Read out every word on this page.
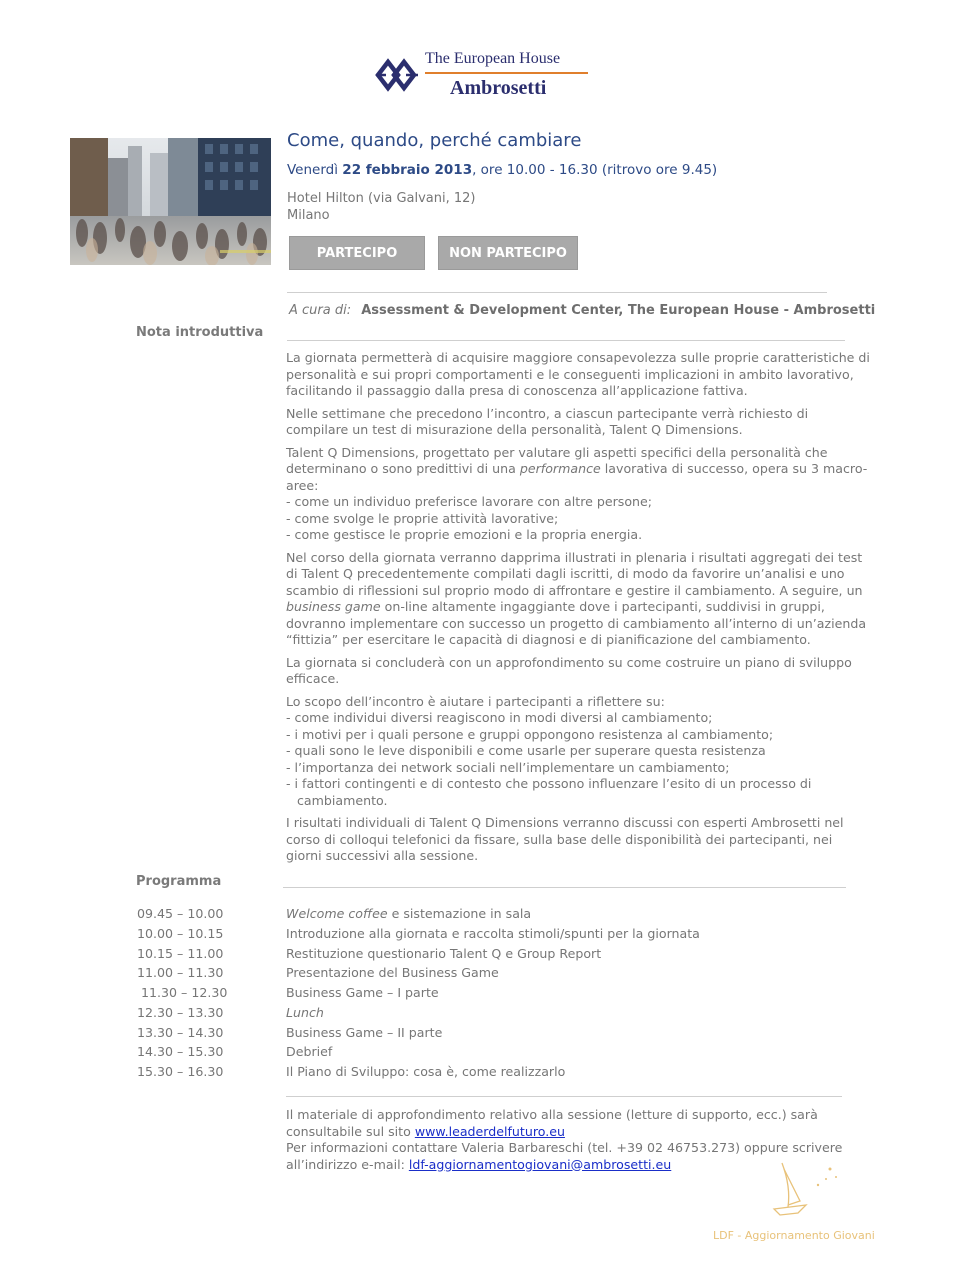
The European House
Ambrosetti
Come, quando, perché cambiare
Venerdì 22 febbraio 2013, ore 10.00 - 16.30 (ritrovo ore 9.45)
Hotel Hilton (via Galvani, 12)
Milano
PARTECIPO	NON PARTECIPO
A cura di: Assessment & Development Center, The European House - Ambrosetti
Nota introduttiva

La giornata permetterà di acquisire maggiore consapevolezza sulle proprie caratteristiche di personalità e sui propri comportamenti e le conseguenti implicazioni in ambito lavorativo, facilitando il passaggio dalla presa di conoscenza all’applicazione fattiva.

Nelle settimane che precedono l’incontro, a ciascun partecipante verrà richiesto di compilare un test di misurazione della personalità, Talent Q Dimensions.

Talent Q Dimensions, progettato per valutare gli aspetti specifici della personalità che determinano o sono predittivi di una performance lavorativa di successo, opera su 3 macro-aree:
- come un individuo preferisce lavorare con altre persone;
- come svolge le proprie attività lavorative;
- come gestisce le proprie emozioni e la propria energia.

Nel corso della giornata verranno dapprima illustrati in plenaria i risultati aggregati dei test di Talent Q precedentemente compilati dagli iscritti, di modo da favorire un’analisi e uno scambio di riflessioni sul proprio modo di affrontare e gestire il cambiamento. A seguire, un business game on-line altamente ingaggiante dove i partecipanti, suddivisi in gruppi, dovranno implementare con successo un progetto di cambiamento all’interno di un’azienda “fittizia” per esercitare le capacità di diagnosi e di pianificazione del cambiamento.

La giornata si concluderà con un approfondimento su come costruire un piano di sviluppo efficace.

Lo scopo dell’incontro è aiutare i partecipanti a riflettere su:
- come individui diversi reagiscono in modi diversi al cambiamento;
- i motivi per i quali persone e gruppi oppongono resistenza al cambiamento;
- quali sono le leve disponibili e come usarle per superare questa resistenza
- l’importanza dei network sociali nell’implementare un cambiamento;
- i fattori contingenti e di contesto che possono influenzare l’esito di un processo di
cambiamento.

I risultati individuali di Talent Q Dimensions verranno discussi con esperti Ambrosetti nel corso di colloqui telefonici da fissare, sulla base delle disponibilità dei partecipanti, nei giorni successivi alla sessione.

Programma
09.45 – 10.00	Welcome coffee e sistemazione in sala
10.00 – 10.15	Introduzione alla giornata e raccolta stimoli/spunti per la giornata
10.15 – 11.00	Restituzione questionario Talent Q e Group Report
11.00 – 11.30	Presentazione del Business Game
11.30 – 12.30	Business Game – I parte
12.30 – 13.30	Lunch
13.30 – 14.30	Business Game – II parte
14.30 – 15.30	Debrief
15.30 – 16.30	Il Piano di Sviluppo: cosa è, come realizzarlo
Il materiale di approfondimento relativo alla sessione (letture di supporto, ecc.) sarà consultabile sul sito www.leaderdelfuturo.eu
Per informazioni contattare Valeria Barbareschi (tel. +39 02 46753.273) oppure scrivere all’indirizzo e-mail: ldf-aggiornamentogiovani@ambrosetti.eu
LDF - Aggiornamento Giovani
